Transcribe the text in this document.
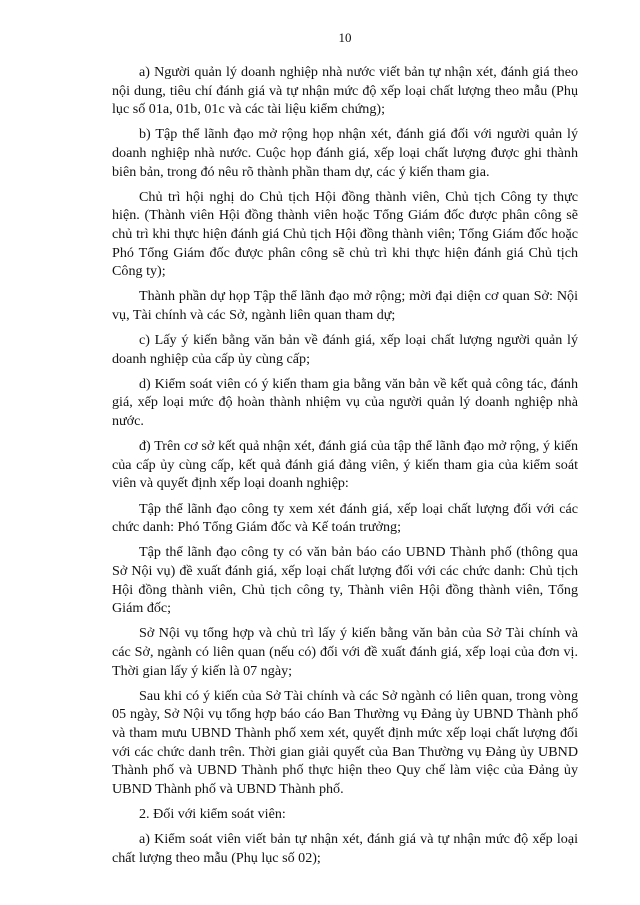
10

a) Người quản lý doanh nghiệp nhà nước viết bản tự nhận xét, đánh giá theo nội dung, tiêu chí đánh giá và tự nhận mức độ xếp loại chất lượng theo mẫu (Phụ lục số 01a, 01b, 01c và các tài liệu kiểm chứng);

b) Tập thể lãnh đạo mở rộng họp nhận xét, đánh giá đối với người quản lý doanh nghiệp nhà nước. Cuộc họp đánh giá, xếp loại chất lượng được ghi thành biên bản, trong đó nêu rõ thành phần tham dự, các ý kiến tham gia.

Chủ trì hội nghị do Chủ tịch Hội đồng thành viên, Chủ tịch Công ty thực hiện. (Thành viên Hội đồng thành viên hoặc Tổng Giám đốc được phân công sẽ chủ trì khi thực hiện đánh giá Chủ tịch Hội đồng thành viên; Tổng Giám đốc hoặc Phó Tổng Giám đốc được phân công sẽ chủ trì khi thực hiện đánh giá Chủ tịch Công ty);

Thành phần dự họp Tập thể lãnh đạo mở rộng; mời đại diện cơ quan Sở: Nội vụ, Tài chính và các Sở, ngành liên quan tham dự;

c) Lấy ý kiến bằng văn bản về đánh giá, xếp loại chất lượng người quản lý doanh nghiệp của cấp ủy cùng cấp;

d) Kiểm soát viên có ý kiến tham gia bằng văn bản về kết quả công tác, đánh giá, xếp loại mức độ hoàn thành nhiệm vụ của người quản lý doanh nghiệp nhà nước.

đ) Trên cơ sở kết quả nhận xét, đánh giá của tập thể lãnh đạo mở rộng, ý kiến của cấp ủy cùng cấp, kết quả đánh giá đảng viên, ý kiến tham gia của kiểm soát viên và quyết định xếp loại doanh nghiệp:

Tập thể lãnh đạo công ty xem xét đánh giá, xếp loại chất lượng đối với các chức danh: Phó Tổng Giám đốc và Kế toán trưởng;

Tập thể lãnh đạo công ty có văn bản báo cáo UBND Thành phố (thông qua Sở Nội vụ) đề xuất đánh giá, xếp loại chất lượng đối với các chức danh: Chủ tịch Hội đồng thành viên, Chủ tịch công ty, Thành viên Hội đồng thành viên, Tổng Giám đốc;

Sở Nội vụ tổng hợp và chủ trì lấy ý kiến bằng văn bản của Sở Tài chính và các Sở, ngành có liên quan (nếu có) đối với đề xuất đánh giá, xếp loại của đơn vị. Thời gian lấy ý kiến là 07 ngày;

Sau khi có ý kiến của Sở Tài chính và các Sở ngành có liên quan, trong vòng 05 ngày, Sở Nội vụ tổng hợp báo cáo Ban Thường vụ Đảng ủy UBND Thành phố và tham mưu UBND Thành phố xem xét, quyết định mức xếp loại chất lượng đối với các chức danh trên. Thời gian giải quyết của Ban Thường vụ Đảng ủy UBND Thành phố và UBND Thành phố thực hiện theo Quy chế làm việc của Đảng ủy UBND Thành phố và UBND Thành phố.

2. Đối với kiểm soát viên:

a) Kiểm soát viên viết bản tự nhận xét, đánh giá và tự nhận mức độ xếp loại chất lượng theo mẫu (Phụ lục số 02);
